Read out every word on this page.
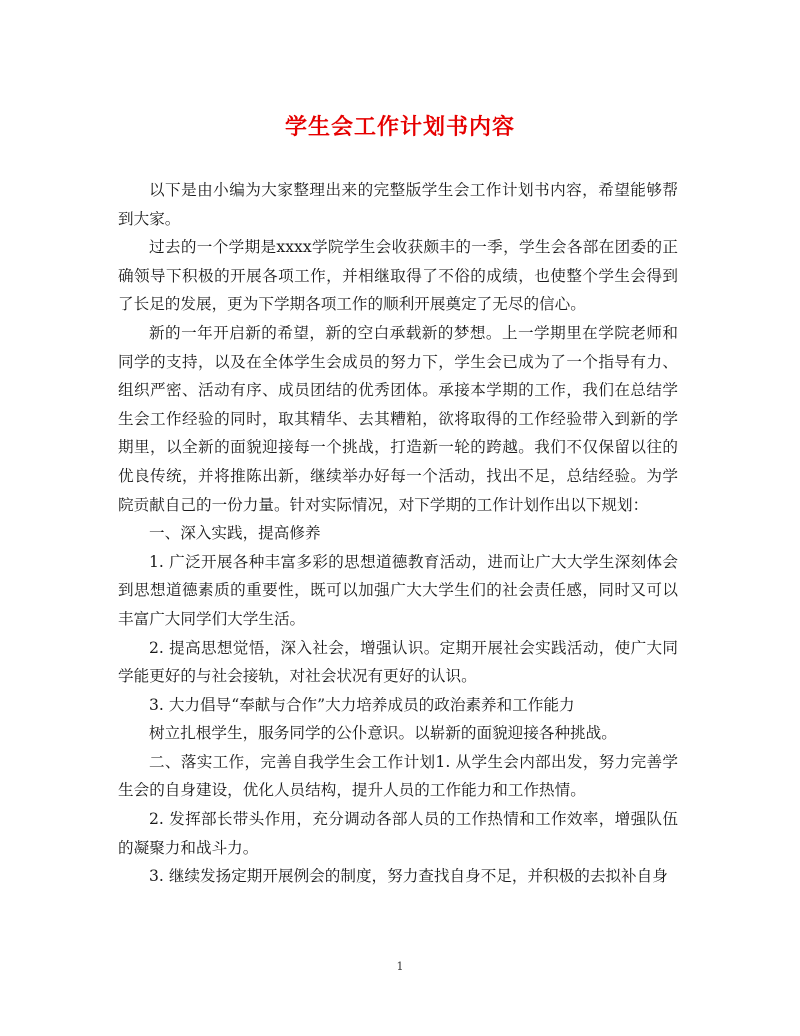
学生会工作计划书内容

以下是由小编为大家整理出来的完整版学生会工作计划书内容，希望能够帮到大家。

过去的一个学期是xxxx学院学生会收获颇丰的一季，学生会各部在团委的正确领导下积极的开展各项工作，并相继取得了不俗的成绩，也使整个学生会得到了长足的发展，更为下学期各项工作的顺利开展奠定了无尽的信心。

新的一年开启新的希望，新的空白承载新的梦想。上一学期里在学院老师和同学的支持，以及在全体学生会成员的努力下，学生会已成为了一个指导有力、组织严密、活动有序、成员团结的优秀团体。承接本学期的工作，我们在总结学生会工作经验的同时，取其精华、去其糟粕，欲将取得的工作经验带入到新的学期里，以全新的面貌迎接每一个挑战，打造新一轮的跨越。我们不仅保留以往的优良传统，并将推陈出新，继续举办好每一个活动，找出不足，总结经验。为学院贡献自己的一份力量。针对实际情况，对下学期的工作计划作出以下规划：

一、深入实践，提高修养

1. 广泛开展各种丰富多彩的思想道德教育活动，进而让广大大学生深刻体会到思想道德素质的重要性，既可以加强广大大学生们的社会责任感，同时又可以丰富广大同学们大学生活。

2. 提高思想觉悟，深入社会，增强认识。定期开展社会实践活动，使广大同学能更好的与社会接轨，对社会状况有更好的认识。

3. 大力倡导“奉献与合作”大力培养成员的政治素养和工作能力

树立扎根学生，服务同学的公仆意识。以崭新的面貌迎接各种挑战。

二、落实工作，完善自我学生会工作计划1. 从学生会内部出发，努力完善学生会的自身建设，优化人员结构，提升人员的工作能力和工作热情。

2. 发挥部长带头作用，充分调动各部人员的工作热情和工作效率，增强队伍的凝聚力和战斗力。

3. 继续发扬定期开展例会的制度，努力查找自身不足，并积极的去拟补自身

1
